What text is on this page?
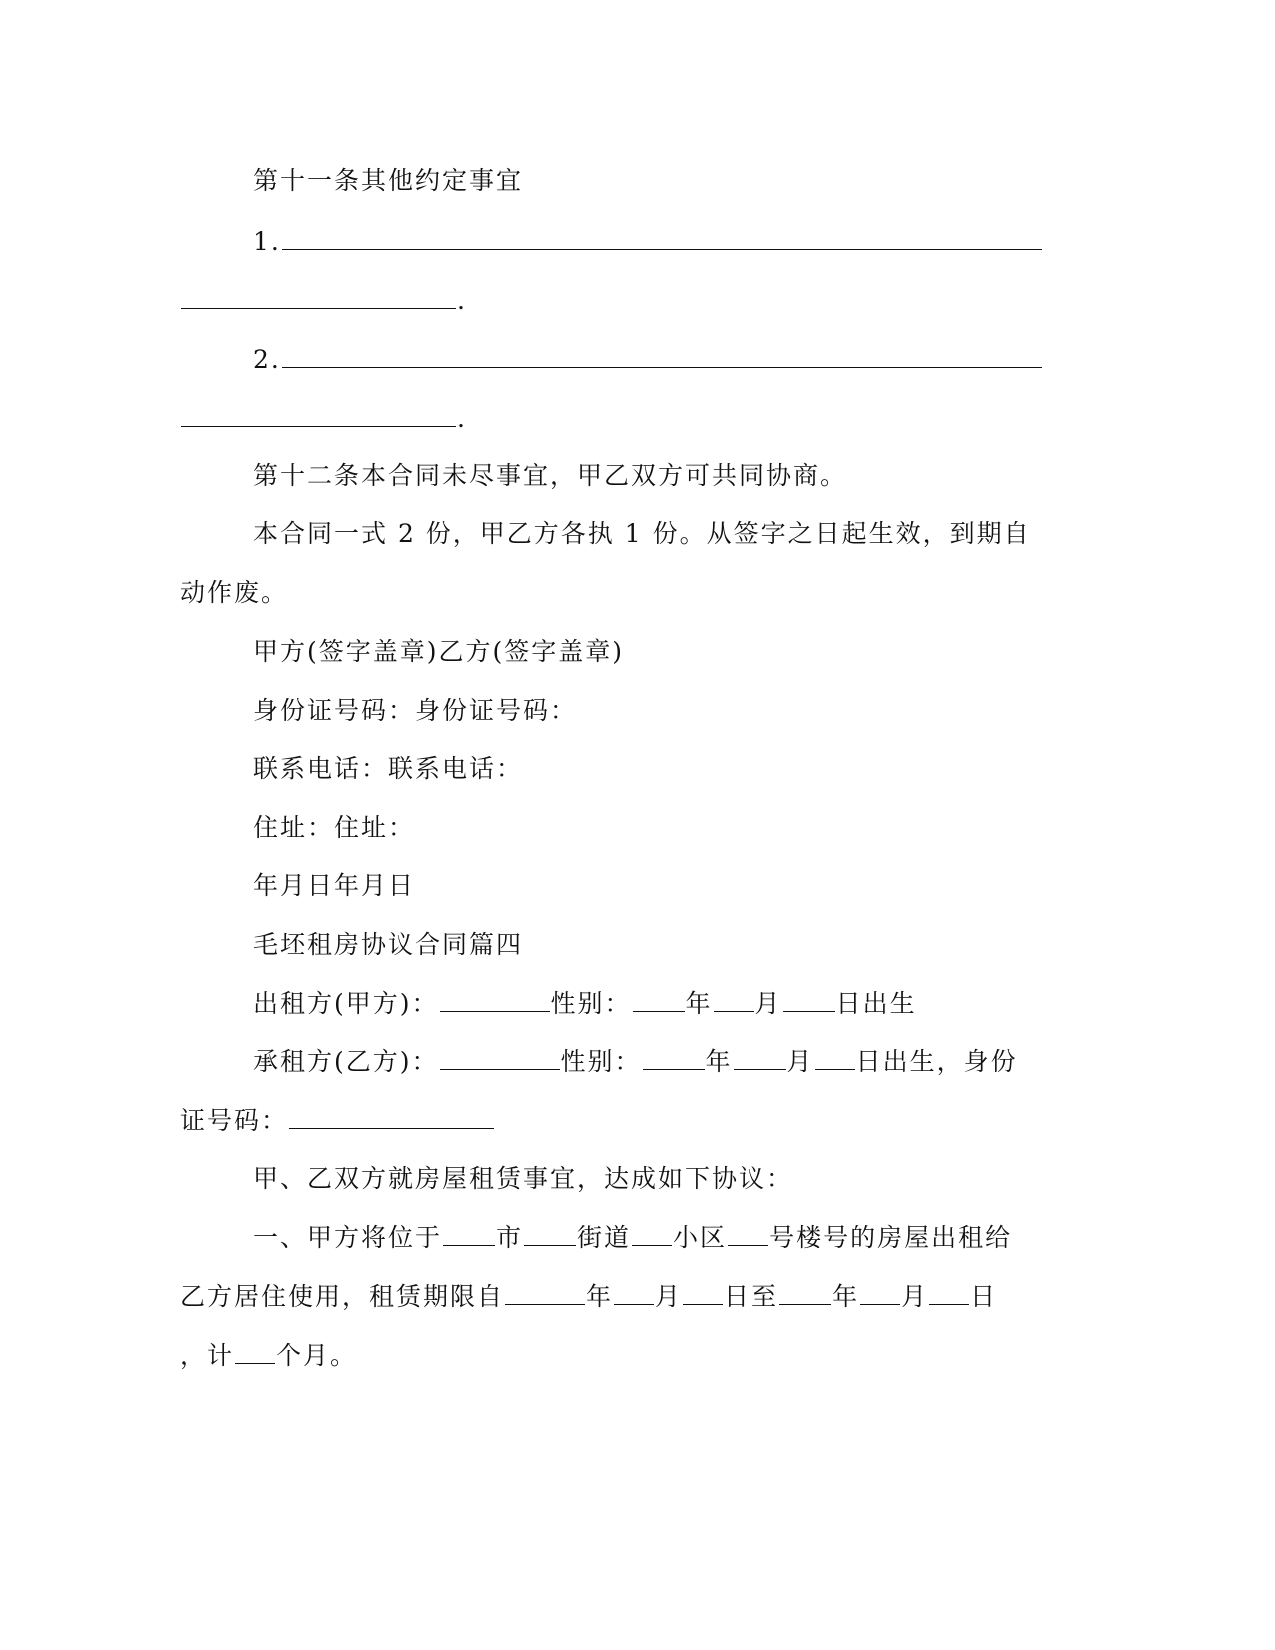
第十一条其他约定事宜
1.
.
2.
.
第十二条本合同未尽事宜，甲乙双方可共同协商。
本合同一式 2 份，甲乙方各执 1 份。从签字之日起生效，到期自
动作废。
甲方(签字盖章)乙方(签字盖章)
身份证号码：身份证号码：
联系电话：联系电话：
住址：住址：
年月日年月日
毛坯租房协议合同篇四
出租方(甲方)：	性别： 年 月 日出生
承租方(乙方)：	性别：	年 月 日出生，身份
证号码：
甲、乙双方就房屋租赁事宜，达成如下协议：
一、甲方将位于 市 街道 小区 号楼号的房屋出租给
乙方居住使用，租赁期限自	年 月 日至 年 月 日
，计 个月。
